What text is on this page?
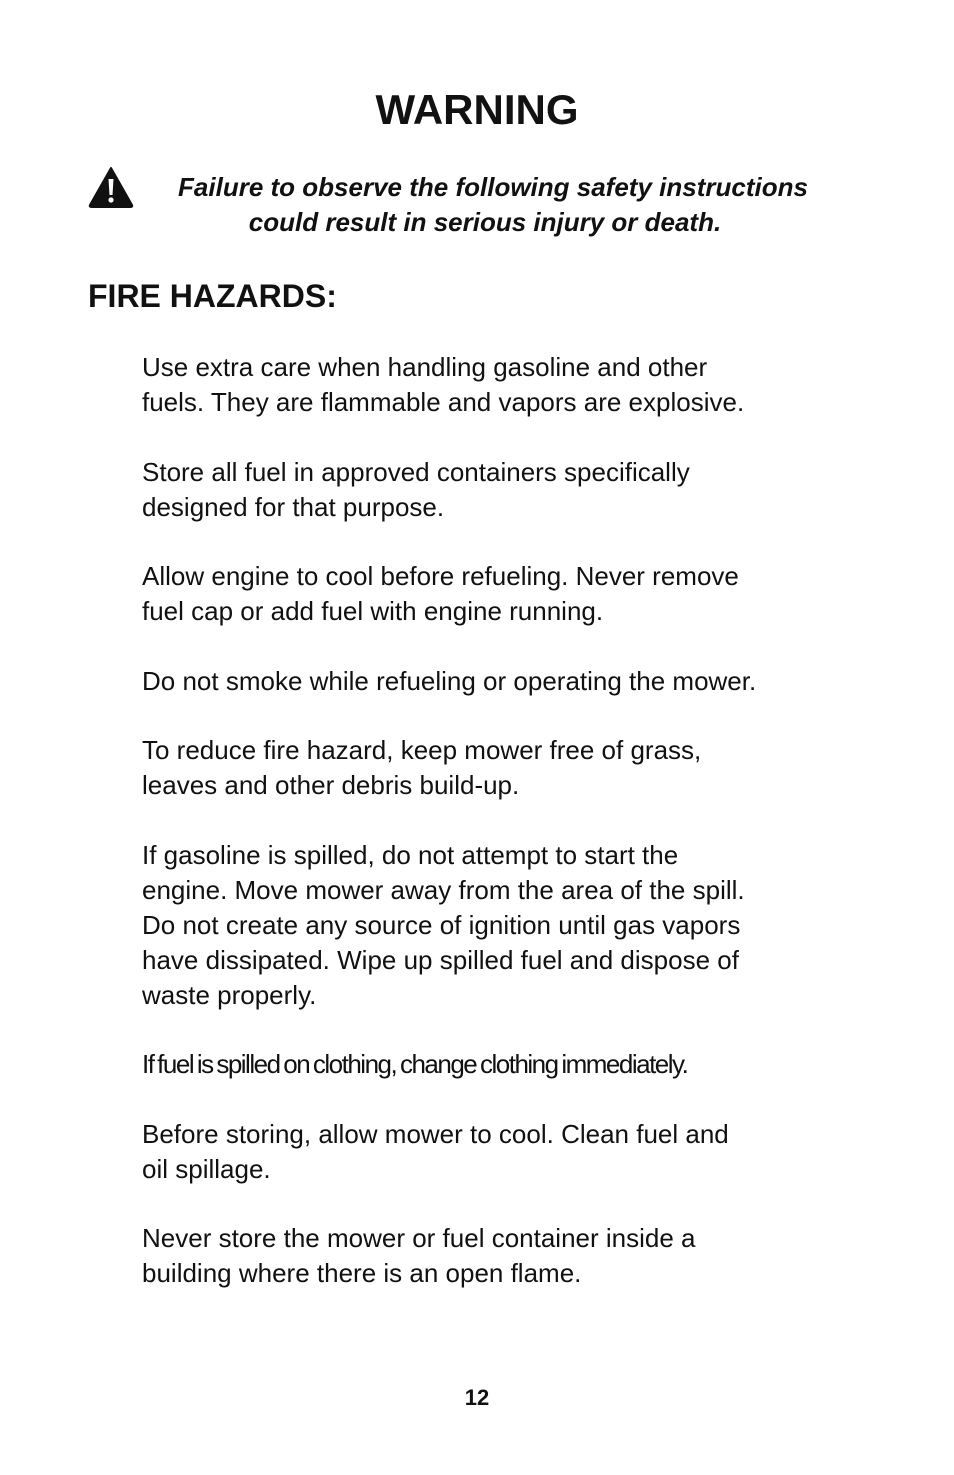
WARNING
Failure to observe the following safety instructions
could result in serious injury or death.
FIRE HAZARDS:
Use extra care when handling gasoline and other
fuels. They are flammable and vapors are explosive.
Store all fuel in approved containers specifically
designed for that purpose.
Allow engine to cool before refueling. Never remove
fuel cap or add fuel with engine running.
Do not smoke while refueling or operating the mower.
To reduce fire hazard, keep mower free of grass,
leaves and other debris build-up.
If gasoline is spilled, do not attempt to start the
engine. Move mower away from the area of the spill.
Do not create any source of ignition until gas vapors
have dissipated. Wipe up spilled fuel and dispose of
waste properly.
If fuel is spilled on clothing, change clothing immediately.
Before storing, allow mower to cool. Clean fuel and
oil spillage.
Never store the mower or fuel container inside a
building where there is an open flame.
12
